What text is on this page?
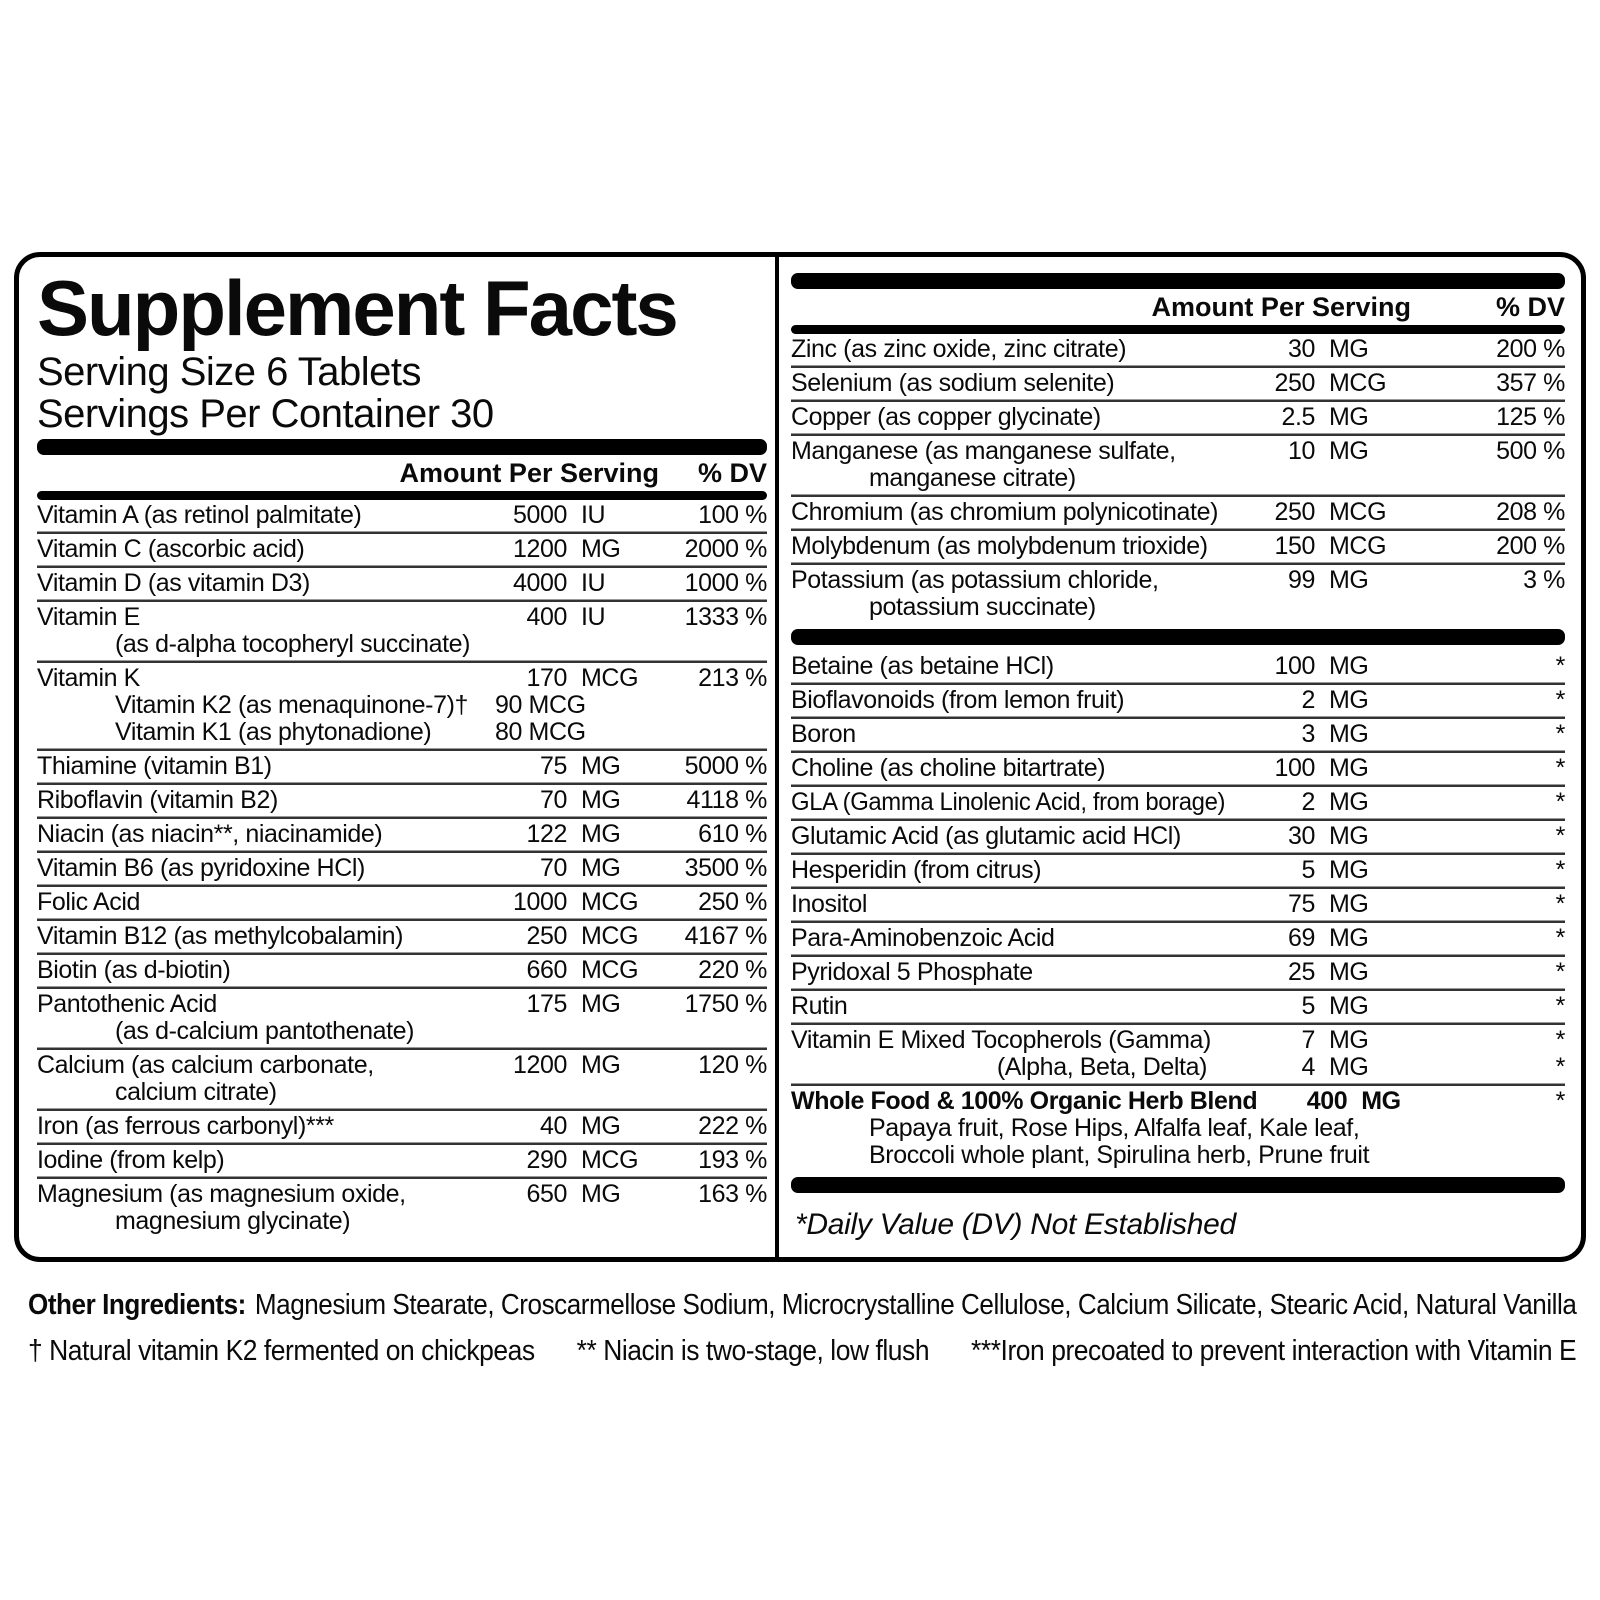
Supplement Facts
Serving Size 6 Tablets
Servings Per Container 30
Amount Per Serving	% DV
Vitamin A (as retinol palmitate)	5000 IU	100 %
Vitamin C (ascorbic acid)	1200 MG	2000 %
Vitamin D (as vitamin D3)	4000 IU	1000 %
Vitamin E	400 IU	1333 %
(as d-alpha tocopheryl succinate)
Vitamin K	170 MCG	213 %
Vitamin K2 (as menaquinone-7)†	90 MCG
Vitamin K1 (as phytonadione)	80 MCG
Thiamine (vitamin B1)	75 MG	5000 %
Riboflavin (vitamin B2)	70 MG	4118 %
Niacin (as niacin**, niacinamide)	122 MG	610 %
Vitamin B6 (as pyridoxine HCl)	70 MG	3500 %
Folic Acid	1000 MCG	250 %
Vitamin B12 (as methylcobalamin)	250 MCG	4167 %
Biotin (as d-biotin)	660 MCG	220 %
Pantothenic Acid	175 MG	1750 %
(as d-calcium pantothenate)
Calcium (as calcium carbonate,	1200 MG	120 %
calcium citrate)
Iron (as ferrous carbonyl)***	40 MG	222 %
Iodine (from kelp)	290 MCG	193 %
Magnesium (as magnesium oxide,	650 MG	163 %
magnesium glycinate)
Amount Per Serving	% DV
Zinc (as zinc oxide, zinc citrate)	30 MG	200 %
Selenium (as sodium selenite)	250 MCG	357 %
Copper (as copper glycinate)	2.5 MG	125 %
Manganese (as manganese sulfate,	10 MG	500 %
manganese citrate)
Chromium (as chromium polynicotinate)	250 MCG	208 %
Molybdenum (as molybdenum trioxide)	150 MCG	200 %
Potassium (as potassium chloride,	99 MG	3 %
potassium succinate)
Betaine (as betaine HCl)	100 MG	*
Bioflavonoids (from lemon fruit)	2 MG	*
Boron	3 MG	*
Choline (as choline bitartrate)	100 MG	*
GLA (Gamma Linolenic Acid, from borage)	2 MG	*
Glutamic Acid (as glutamic acid HCl)	30 MG	*
Hesperidin (from citrus)	5 MG	*
Inositol	75 MG	*
Para-Aminobenzoic Acid	69 MG	*
Pyridoxal 5 Phosphate	25 MG	*
Rutin	5 MG	*
Vitamin E Mixed Tocopherols (Gamma)	7 MG	*
(Alpha, Beta, Delta)	4 MG	*
Whole Food & 100% Organic Herb Blend	400 MG	*
Papaya fruit, Rose Hips, Alfalfa leaf, Kale leaf,
Broccoli whole plant, Spirulina herb, Prune fruit
*Daily Value (DV) Not Established
Other Ingredients: Magnesium Stearate, Croscarmellose Sodium, Microcrystalline Cellulose, Calcium Silicate, Stearic Acid, Natural Vanilla
† Natural vitamin K2 fermented on chickpeas ** Niacin is two-stage, low flush ***Iron precoated to prevent interaction with Vitamin E
